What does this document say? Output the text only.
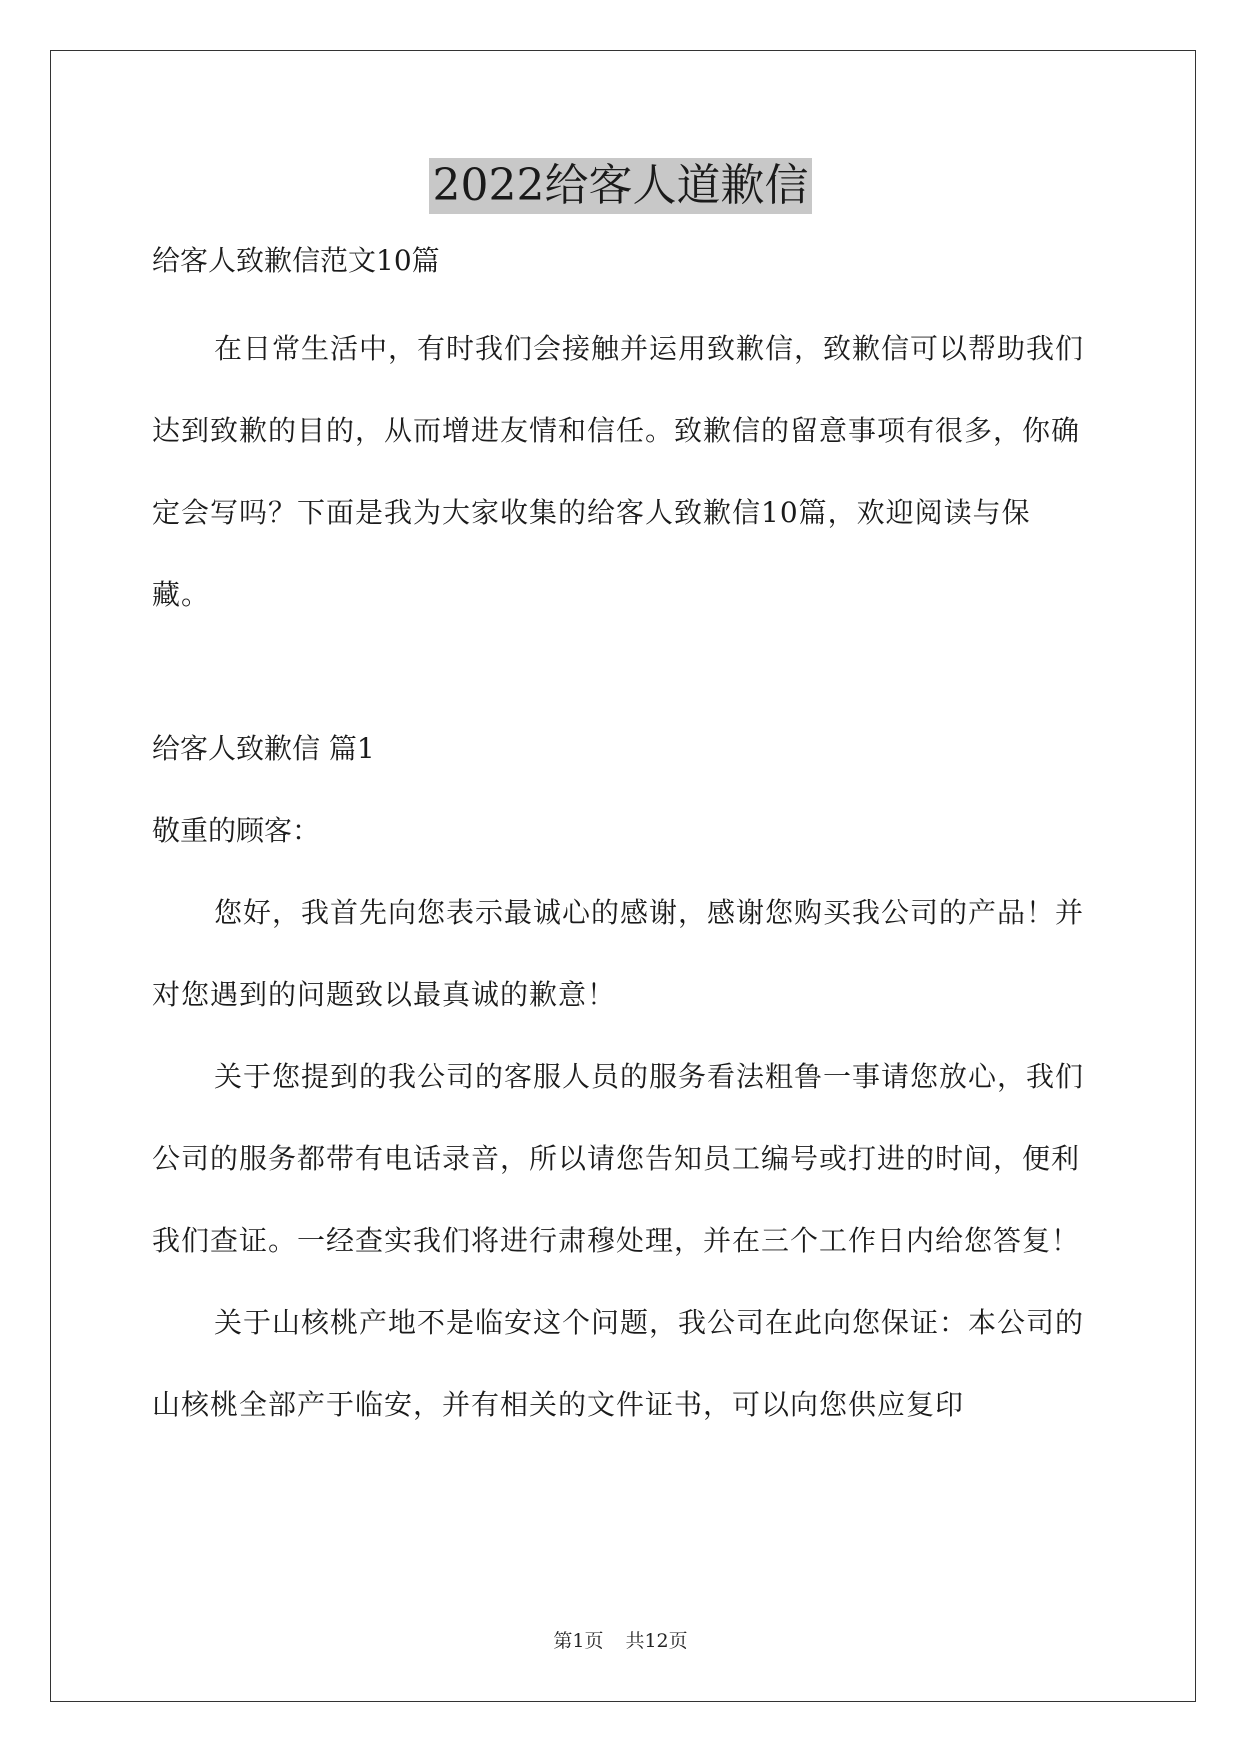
2022给客人道歉信

给客人致歉信范文10篇

在日常生活中，有时我们会接触并运用致歉信，致歉信可以帮助我们达到致歉的目的，从而增进友情和信任。致歉信的留意事项有很多，你确定会写吗？下面是我为大家收集的给客人致歉信10篇，欢迎阅读与保藏。

给客人致歉信 篇1

敬重的顾客：

您好，我首先向您表示最诚心的感谢，感谢您购买我公司的产品！并对您遇到的问题致以最真诚的歉意！

关于您提到的我公司的客服人员的服务看法粗鲁一事请您放心，我们公司的服务都带有电话录音，所以请您告知员工编号或打进的时间，便利我们查证。一经查实我们将进行肃穆处理，并在三个工作日内给您答复！

关于山核桃产地不是临安这个问题，我公司在此向您保证：本公司的山核桃全部产于临安，并有相关的文件证书，可以向您供应复印

第1页 共12页
